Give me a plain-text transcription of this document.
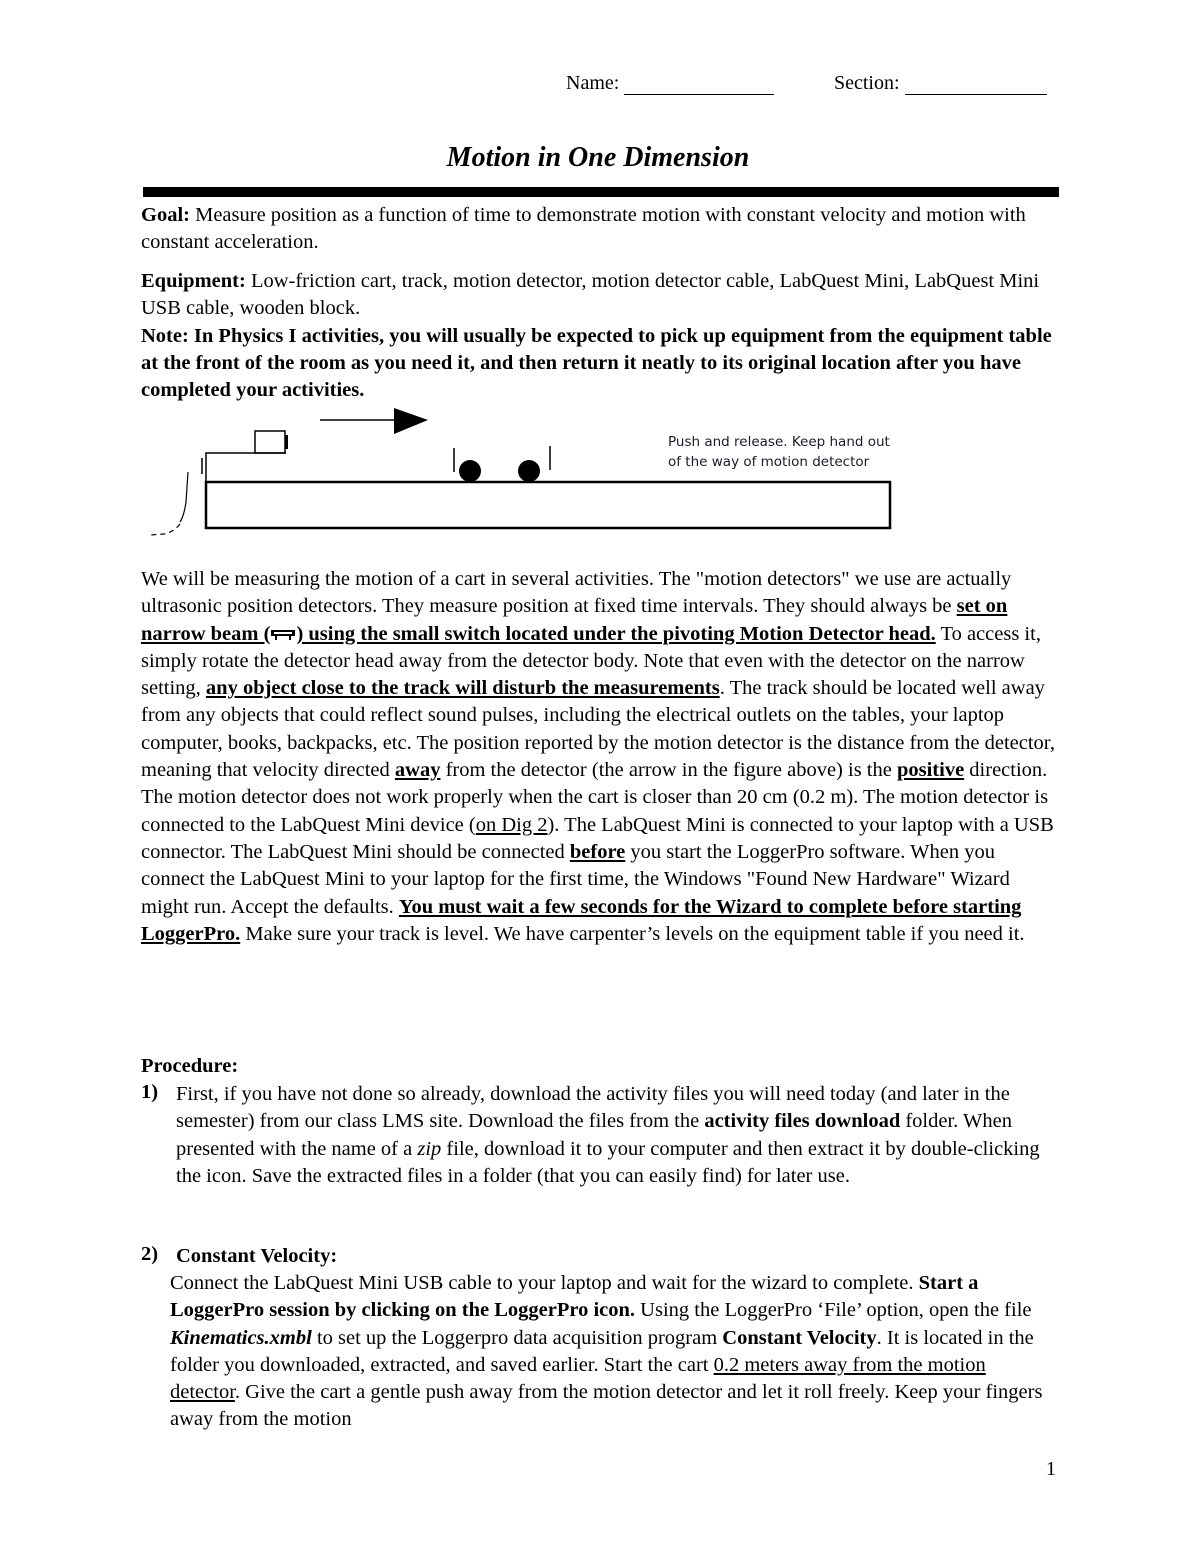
Name:	Section:
Motion in One Dimension

Goal: Measure position as a function of time to demonstrate motion with constant velocity and motion with constant acceleration.

Equipment: Low-friction cart, track, motion detector, motion detector cable, LabQuest Mini, LabQuest Mini USB cable, wooden block.

Note: In Physics I activities, you will usually be expected to pick up equipment from the equipment table at the front of the room as you need it, and then return it neatly to its original location after you have completed your activities.

Push and release. Keep hand out
of the way of motion detector

We will be measuring the motion of a cart in several activities. The "motion detectors" we use are actually ultrasonic position detectors. They measure position at fixed time intervals. They should always be set on narrow beam ( ) using the small switch located under the pivoting Motion Detector head. To access it, simply rotate the detector head away from the detector body. Note that even with the detector on the narrow setting, any object close to the track will disturb the measurements. The track should be located well away from any objects that could reflect sound pulses, including the electrical outlets on the tables, your laptop computer, books, backpacks, etc. The position reported by the motion detector is the distance from the detector, meaning that velocity directed away from the detector (the arrow in the figure above) is the positive direction. The motion detector does not work properly when the cart is closer than 20 cm (0.2 m). The motion detector is connected to the LabQuest Mini device (on Dig 2). The LabQuest Mini is connected to your laptop with a USB connector. The LabQuest Mini should be connected before you start the LoggerPro software. When you connect the LabQuest Mini to your laptop for the first time, the Windows "Found New Hardware" Wizard might run. Accept the defaults. You must wait a few seconds for the Wizard to complete before starting LoggerPro. Make sure your track is level. We have carpenter’s levels on the equipment table if you need it.

Procedure:
1) First, if you have not done so already, download the activity files you will need today (and later in the semester) from our class LMS site. Download the files from the activity files download folder. When presented with the name of a zip file, download it to your computer and then extract it by double-clicking the icon. Save the extracted files in a folder (that you can easily find) for later use.
2) Constant Velocity:
Connect the LabQuest Mini USB cable to your laptop and wait for the wizard to complete. Start a LoggerPro session by clicking on the LoggerPro icon. Using the LoggerPro ‘File’ option, open the file Kinematics.xmbl to set up the Loggerpro data acquisition program Constant Velocity. It is located in the folder you downloaded, extracted, and saved earlier. Start the cart 0.2 meters away from the motion detector. Give the cart a gentle push away from the motion detector and let it roll freely. Keep your fingers away from the motion
1
